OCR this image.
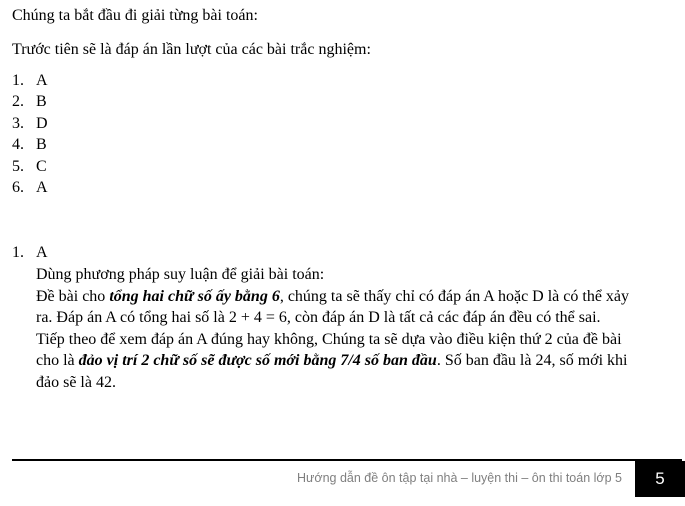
Chúng ta bắt đầu đi giải từng bài toán:
Trước tiên sẽ là đáp án lần lượt của các bài trắc nghiệm:
1. A
2. B
3. D
4. B
5. C
6. A
1. A

Dùng phương pháp suy luận để giải bài toán:

Đề bài cho tổng hai chữ số ấy bằng 6, chúng ta sẽ thấy chỉ có đáp án A hoặc D là có thể xảy ra. Đáp án A có tổng hai số là 2 + 4 = 6, còn đáp án D là tất cả các đáp án đều có thể sai.

Tiếp theo để xem đáp án A đúng hay không, Chúng ta sẽ dựa vào điều kiện thứ 2 của đề bài cho là đảo vị trí 2 chữ số sẽ được số mới bằng 7/4 số ban đầu. Số ban đầu là 24, số mới khi đảo sẽ là 42.

Hướng dẫn đề ôn tập tại nhà – luyện thi – ôn thi toán lớp 5	5
